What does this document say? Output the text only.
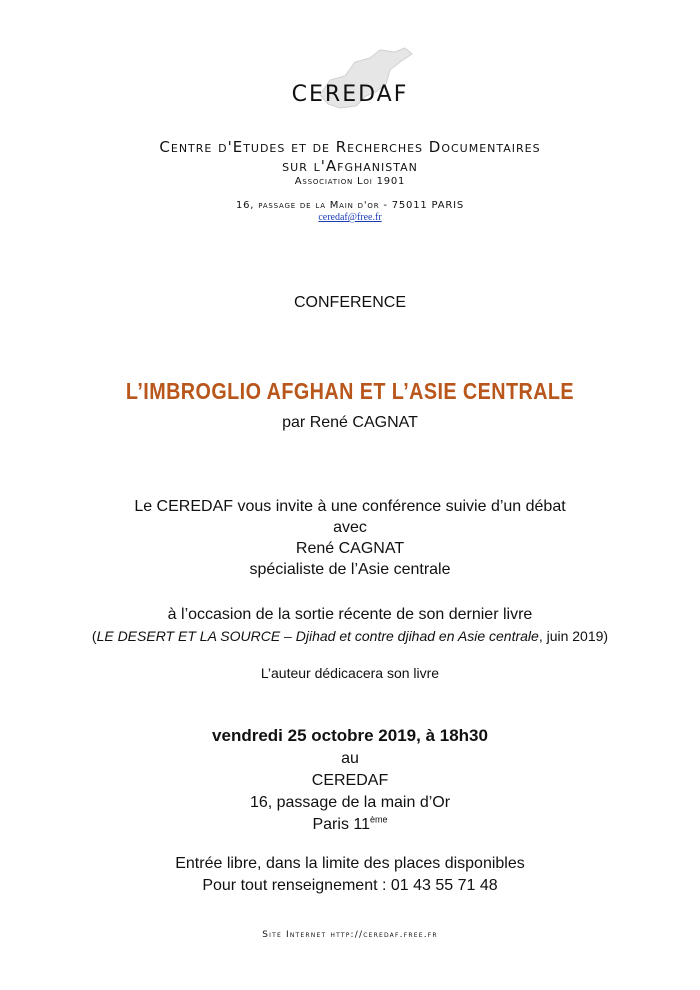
CEREDAF
Centre d'Etudes et de Recherches Documentaires
sur l'Afghanistan
Association Loi 1901
16, passage de la Main d'or - 75011 PARIS
ceredaf@free.fr
CONFERENCE
L’IMBROGLIO AFGHAN ET L’ASIE CENTRALE
par René CAGNAT
Le CEREDAF vous invite à une conférence suivie d’un débat
avec
René CAGNAT
spécialiste de l’Asie centrale
à l’occasion de la sortie récente de son dernier livre
(LE DESERT ET LA SOURCE – Djihad et contre djihad en Asie centrale, juin 2019)
L’auteur dédicacera son livre
vendredi 25 octobre 2019, à 18h30
au
CEREDAF
16, passage de la main d’Or
Paris 11ème
Entrée libre, dans la limite des places disponibles
Pour tout renseignement : 01 43 55 71 48
Site Internet http://ceredaf.free.fr
